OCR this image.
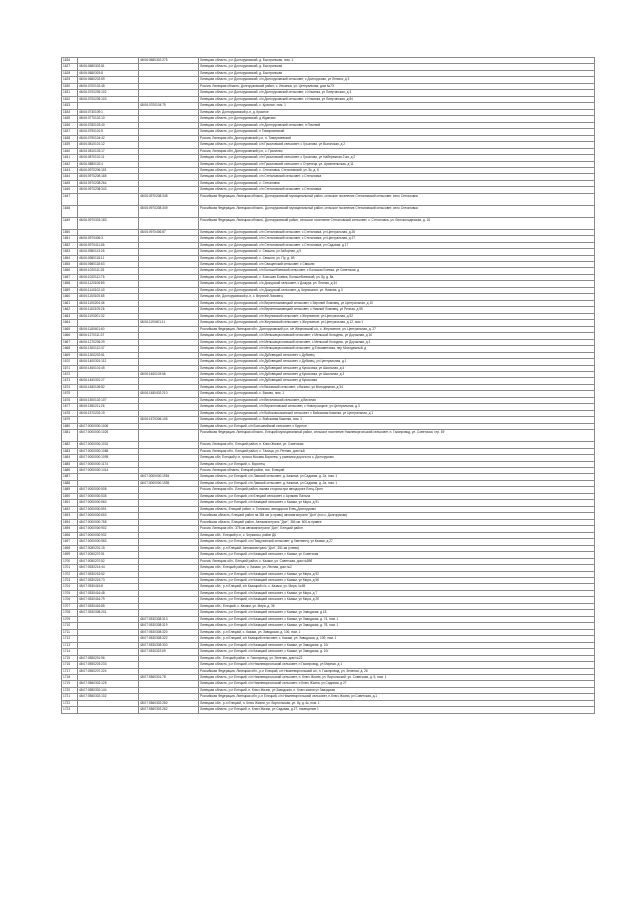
1626		48:06:0680302:275	Липецкая область, р-н Долгоруковский, д. Быстрянская, пом. 1
1627	48:06:0680302:81		Липецкая область, р-н Долгоруковский, д. Быстрянская
1628	48:06:0680303:8		Липецкая область, р-н Долгоруковский, д. Быстрянская
1629	48:06:0680202:69		Липецкая область, р-н Долгоруковский, с/п Долгоруковский сельсовет, с Долгоруково, ул Ленина, д 3
1630	48:06:0700102:45		Россия, Липецкая область, Долгоруковский район, с. Ильинка, ул. Центральная, дом №73
1631	48:06:0700205:102		Липецкая область, р-н Долгоруковский, с/п Долгоруковский сельсовет, с Ильинка, ул Лапутинская, д 3
1632	48:06:0700205:103		Липецкая область, р-н Долгоруковский, с/п Долгоруковский сельсовет, с Ильинка, ул Лапутинская, д 84
1633		48:06:0700104:75	Липецкая область, р-н Долгоруковский, с. Красное, пом. 1
1634	48:06:0730109:1		Липецкая обл, Долгоруковский р-н, д. Красное
1635	48:06:0770102:10		Липецкая область, р-н Долгоруковский, д Жданово
1636	48:06:0780103:40		Липецкая область, р-н Долгоруковский, с/п Долгоруковский сельсовет, п Почевой
1637	48:06:0790101:5		Липецкая область, р-н Долгоруковский, п Тимирязевский
1638	48:06:0790104:42		Россия, Липецкая обл, Долгоруковский р-н, п. Тимирязевский
1639	48:06:0810101:12		Липецкая область, р-н Долгоруковский, с/п Грызловский сельсовет, с Грызлово, ул Выгонская, д 2
1640	48:06:0810103:17		Россия, Липецкая обл, Долгоруковский р-н, с. Грызлово
1641	48:06:0870101:11		Липецкая область, р-н Долгоруковский, с/п Грызловский сельсовет, с Грызлово, ул Набережная 2-ая, д 2
1642	48:06:0880102:4		Липецкая область, р-н Долгоруковский, с/п Грызловский сельсовет, с Стрелецк, ул. Архангельская, д 11
1643	48:06:0970206:151		Липецкая область, р-н Долгоруковский, с. Стегаловка, Стегаловский, ул. 5к, д. 6
1644	48:06:0970208:185		Липецкая область, р-н Долгоруковский, с/п Стегаловский сельсовет, с Стегаловка
1645	48:06:0970208:264		Липецкая область, р-н Долгоруковский, с. Стегаловка
1646	48:06:0970208:343		Липецкая область, р-н Долгоруковский, с/п Стегаловский сельсовет, с Стегаловка
1647		48:06:0970208:348	Российская Федерация, Липецкая область, Долгоруковский муниципальный район, сельское поселение Стегаловский сельсовет, село Стегаловка
1648		48:06:0970208:349	Российская Федерация, Липецкая область, Долгоруковский муниципальный район, сельское поселение Стегаловский сельсовет, село Стегаловка
1649	48:06:0970303:183		Российская Федерация, Липецкая область, Долгоруковский район, сельское поселение Стегаловский сельсовет, с. Стегаловка, ул. Белоколодезская, д. 16
1650		48:06:0970406:87	Липецкая область, р-н Долгоруковский, с/п Стегаловский сельсовет, с Стегаловка, ул Центральная, д 26
1651	48:06:0970406:3		Липецкая область, р-н Долгоруковский, с/п Стегаловский сельсовет, с Стегаловка, ул Центральная, д 27
1652	48:06:0970411:56		Липецкая область, р-н Долгоруковский, с/п Стегаловский сельсовет, с Стегаловка, ул Садовая, д 17
1653	48:06:0980113:26		Липецкая область, р-н Долгоруковский, с. Свишни, ул Заборная, д 9
1654	48:06:0980118:11		Липецкая область, р-н Долгоруковский, с. Свишни, ул. Пр, д. 6б
1655	48:06:0980118:63		Липецкая область, р-н Долгоруковский, с/п Свищенский сельсовет, с Свишни
1656	48:06:1020111:25		Липецкая область, р-н Долгоруковский, с/п Большебоевский сельсовет, с Большая Боевка, ул Советская, д
1657	48:06:1020112:76		Липецкая область, р-н Долгоруковский, с. Большая Боевка, Большебоевский, ул. 8у, д. 8а
1658	48:06:1120108:89		Липецкая область, р-н Долгоруковский, с/п Дожурский сельсовет, с Дожура, ул. Лесная, д 34
1659	48:06:1140102:43		Липецкая область, р-н Долгоруковский, с/п Дожурский сельсовет, д. Кирпишное, ул. Нижняя, д 3
1660	48:06:1150105:85		Липецкая обл, Долгоруковский р-н, с. Верхний Ломовец
1661	48:06:1150204:46		Липецкая область, р-н Долгоруковский, с/п Верхнеломовецкий сельсовет, с Верхний Ломовец, ул Центральная, д 10
1662	48:06:1160109:26		Липецкая область, р-н Долгоруковский, с/п Верхнеломовецкий сельсовет, с Нижний Ломовец, ул Речная, д 55
1663	48:06:1190201:32		Липецкая область, р-н Долгоруковский, с/п Жерновский сельсовет, с Жерновное, ул Центральная, д 52
1664		48:06:1190401:11	Липецкая область, р-н Долгоруковский, с/п Жерновский сельсовет, с Жерновное, ул Центральная, д 12, пом 1
1665	48:06:1180401:60		Российская Федерация, Липецкая обл., Долгоруковский р-н, с/п Жерновский с/с, с. Жерновное, ул. Центральная, д. 27
1666	48:06:1270111:37		Липецкая область, р-н Долгоруковский, с/п Меньшекуколовский сельсовет, с Меньшой Колодезь, ул Дорожная, д 16
1667	48:06:1270206:29		Липецкая область, р-н Долгоруковский, с/п Меньшекуколовский сельсовет, с Меньшой Колодезь, ул Дорожная, д 3
1668	48:06:1300112:47		Липецкая область, р-н Долгоруковский, с/п Меньшекуколовский сельсовет, д Елизаветовка, пер Молодежный, д
1669	48:06:1300202:61		Липецкая область, р-н Долгоруковский, с/п Дубовецкий сельсовет, с Дубовец
1670	48:06:1400301:112		Липецкая область, р-н Долгоруковский, с/п Дубовецкий сельсовет, с Дубовец, ул Центральная, д 1
1671	48:06:1460101:45		Липецкая область, р-н Долгоруковский, с/п Дубовецкий сельсовет, д Кукосовка, ул Школьная, д 4
1672		48:06:1460103:56	Липецкая область, р-н Долгоруковский, с/п Дубовецкий сельсовет, д Кукосовка, ул Школьная, д 3
1673	48:06:1460301:27		Липецкая область, р-н Долгоруковский, с/п Дубовецкий сельсовет, д Кукосовка
1674	48:06:1480106:82		Липецкая область, р-н Долгоруковский, с/п Вязовский сельсовет, с Вязово, ул Молодежная, д 34
1675		48:06:1480402:210	Липецкая область, р-н Долгоруковский, с. Вязово, пом. 1
1676	48:06:1500102:107		Липецкая область, р-н Долгоруковский, с/п Веселовский сельсовет, д Веселая
1677	48:06:1550211:26		Липецкая область, р-н Долгоруковский, с/п Верхнеловский сельсовет, с Новотроицкое, ул Центральная, д 3
1678	48:06:1570202:19		Липецкая область, р-н Долгоруковский, с/п Войсковоказинский сельсовет, с Войсковая Казинка, ул Центральная, д 1
1679		48:06:1570306:105	Липецкая область, р-н Долгоруковский, с. Войсковая Казинка, пом. 1
1680	48:07:0000000:1006		Липецкая область, р-н Елецкий, с/п Большеийский сельсовет, с Круглое
1681	48:07:0000000:1026		Российская Федерация, Липецкая область, Елецкий муниципальный район, сельское поселение Нижневоргольский сельсовет, п. Газопровод, ул. Советская, стр. 69
1682	48:07:0000000:1031		Россия, Липецкая обл., Елецкий район, п. Ключ Жизни, ул. Советская
1683	48:07:0000000:1068		Россия, Липецкая обл., Елецкий район, с. Талица, ул. Речная, дом №8
1684	48:07:0000000:1095		Липецкая обл, Елецкий р-н, трасса Москва-Воронеж, у развилки дороги на с. Долгоруково
1685	48:07:0000000:1174		Липецкая область, р-н Елецкий, с. Воронец
1686	48:07:0000000:1414		Россия, Липецкая область, Елецкий район, пос. Елецкий
1687		48:07:0000000:1954	Липецкая область, р-н Елецкий, с/п Лавский сельсовет, д. Казинка, ул Садовая, д. 2а, пом. 1
1688		48:07:0000000:1955	Липецкая область, р-н Елецкий, с/п Лавский сельсовет, д. Казинка, ул Садовая, д. 2а, пом. 1
1689	48:07:0000000:508		Россия, Липецкая обл., Елецкий район, южная сторона при автодороге Елец-Орел
1690	48:07:0000000:535		Липецкая область, р-н Елецкий, с/п Елецкий сельсовет, с Аргамач Пальна
1691	48:07:0000000:560		Липецкая область, р-н Елецкий, с/п Казацкий сельсовет, с Казаки, ул Мира, д 91
1692	48:07:0000000:591		Липецкая область, Елецкий район, с. Голиково, автодорога Елец-Долгоруково
1693	48:07:0000000:653		Российская область, Елецкий район на 384 км (с право) автомагистрали "Дон" (поз с. Долгоруково)
1694	48:07:0000000:765		Российская область, Елецкий район, Автомагистраль "Дон", 384 км. 600-м правее
1695	48:07:0000000:902		Россия, Липецкая обл., 375 км автомагистрали "Дон", Елецкий район
1696	48:07:0000000:932		Липецкая обл., Елецкий р-н, с. Черкассы, район Д6
1697	48:07:0000000:983		Липецкая область, р-н Елецкий, с/п Пищулинский сельсовет, д Хмелинец, ул Казаки, д 27
1698	48:07:0050201:15		Липецкая обл., р-н Елецкий, Автомагистраль "Дон", 351 км (слева)
1699	48:07:0050207:51		Липецкая область, р-н Елецкий, с/п Казацкий сельсовет, с Казаки, ул Советская
1700	48:07:0050207:52		Россия, Липецкая обл., Елецкий район, с. Казаки, ул. Советская, дом №89б
1701	48:07:0530214:44		Липецкая обл., Елецкий район, с. Казаки, ул. Лесная, дом №2
1702	48:07:0530215:52		Липецкая область, р-н Елецкий, с/п Казацкий сельсовет, с Казаки, ул Мира, д 92
1703	48:07:0530215:73		Липецкая область, р-н Елецкий, с/п Казацкий сельсовет, с Казаки, ул Мира, д 56
1704	48:07:0530415:8		Липецкая обл., р-н Елецкий, с/п Казацкий с/с, с. Казаки, ул. Мира, №65
1705	48:07:0530416:48		Липецкая область, р-н Елецкий, с/п Казацкий сельсовет, с Казаки, ул Мира, д 7
1706	48:07:0530416:79		Липецкая область, р-н Елецкий, с/п Казацкий сельсовет, с Казаки, ул Мира, д 2б
1707	48:07:0530416:85		Липецкая обл., Елецкий, с. Казаки, ул. Мира, д. 36
1708	48:07:0530308:201		Липецкая область, р-н Елецкий, с/п Казацкий сельсовет, с Казаки, ул Заводская, д 18
1709		48:07:0530308:313	Липецкая область, р-н Елецкий, с/п Казацкий сельсовет, с Казаки, ул Заводская, д. 74, пом. 1
1710		48:07:0530308:319	Липецкая область, р-н Елецкий, с/п Казацкий сельсовет, с Казаки, ул Заводская, д. 78, пом. 1
1711		48:07:0530308:320	Липецкая обл., р-н Елецкий, с. Казаки, ул. Заводская, д. 106, пом. 1
1712		48:07:0530308:322	Липецкая обл., р-н Елецкий, с/п Казацкий сельсовет, с. Казаки, ул. Заводская, д. 10б, пом. 1
1713		48:07:0530308:330	Липецкая область, р-н Елецкий, с/п Казацкий сельсовет, с Казаки, ул Заводская, д. 10г
1714		48:07:0530322:69	Липецкая область, р-н Елецкий, с/п Казацкий сельсовет, с Казаки, ул Заводская, д. 10г
1715	48:07:0550201:96		Липецкая обл., Елецкий район, п. Газопровод, ул. Зеленая, дом №22
1716	48:07:0550203:233		Липецкая область, р-н Елецкий, с/п Нижневоргольский сельсовет, п Газопровод, ул Мирная, д 1
1717	48:07:0550207:224		Российская Федерация, Липецкая обл., р-н Елецкий, с/п Нижневоргольский с/с, п. Газопровод, ул. Зеленая, д. 26
1718		48:07:0560301:78	Липецкая область, р-н Елецкий, с/п Нижневоргольский сельсовет, п. Ключ Жизни, ул. Воргольский, ул. Советская, д. 5, пом. 1
1719	48:07:0560302:125		Липецкая область, р-н Елецкий, с/п Нижневоргольский сельсовет, п Ключ Жизни, ул Садовая, д 27
1720	48:07:0580302:144		Липецкая область, р-н Елецкий, п. Ключ Жизни, ул Заводская, п. Ключ жизни ул Заводская
1721	48:07:0560302:102		Российская Федерация, Липецкая обл, р-н Елецкий, с/п Нижневоргольский сельсовет, п.Ключ Жизни, ул Советская, д.1
1722		48:07:0560302:260	Липецкая обл., р-н Елецкий, п. Ключ Жизни, ул. Воргольская, ул. 8у, д. 6к, пом. 1
1723		48:07:0560302:262	Липецкая область, р-н Елецкий, п. Ключ Жизни, ул Садовая, д 27, помещение 1
